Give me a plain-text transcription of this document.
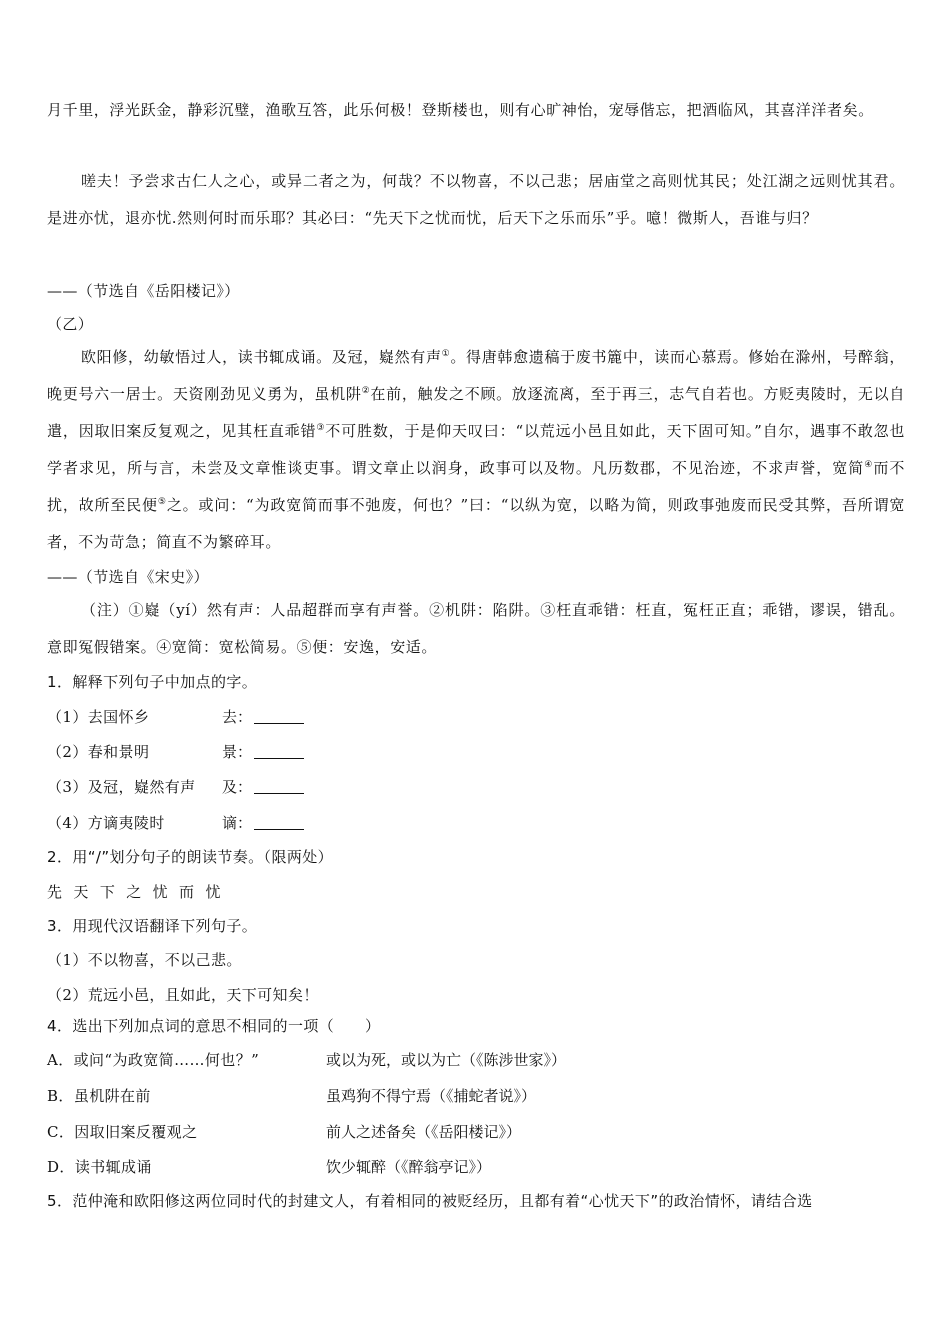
月千里，浮光跃金，静彩沉璧，渔歌互答，此乐何极！登斯楼也，则有心旷神怡，宠辱偕忘，把酒临风，其喜洋洋者矣。

嗟夫！予尝求古仁人之心，或异二者之为，何哉？不以物喜，不以己悲；居庙堂之高则忧其民；处江湖之远则忧其君。是进亦忧，退亦忧.然则何时而乐耶？其必曰：“先天下之忧而忧，后天下之乐而乐”乎。噫！微斯人，吾谁与归？

——（节选自《岳阳楼记》）
（乙）

欧阳修，幼敏悟过人，读书辄成诵。及冠，嶷然有声①。得唐韩愈遗稿于废书簏中，读而心慕焉。修始在滁州，号醉翁，晚更号六一居士。天资刚劲见义勇为，虽机阱②在前，触发之不顾。放逐流离，至于再三，志气自若也。方贬夷陵时，无以自遣，因取旧案反复观之，见其枉直乖错③不可胜数，于是仰天叹曰：“以荒远小邑且如此，天下固可知。”自尔，遇事不敢忽也学者求见，所与言，未尝及文章惟谈吏事。谓文章止以润身，政事可以及物。凡历数郡，不见治迹，不求声誉，宽简④而不扰，故所至民便⑤之。或问：“为政宽简而事不弛废，何也？”曰：“以纵为宽，以略为简，则政事弛废而民受其弊，吾所谓宽者，不为苛急；简直不为繁碎耳。

——（节选自《宋史》）

（注）①嶷（yí）然有声：人品超群而享有声誉。②机阱：陷阱。③枉直乖错：枉直，冤枉正直；乖错，谬误，错乱。意即冤假错案。④宽简：宽松简易。⑤便：安逸，安适。

1．解释下列句子中加点的字。
（1）去国怀乡	去：
（2）春和景明	景：
（3）及冠，嶷然有声 及：
（4）方谪夷陵时	谪：
2．用“/”划分句子的朗读节奏。（限两处）
先 天 下 之 忧 而 忧
3．用现代汉语翻译下列句子。
（1）不以物喜，不以己悲。
（2）荒远小邑，且如此，天下可知矣！
4．选出下列加点词的意思不相同的一项（　　）
A．或问“为政宽简……何也？”	或以为死，或以为亡（《陈涉世家》）
B．虽机阱在前	虽鸡狗不得宁焉（《捕蛇者说》）
C．因取旧案反覆观之	前人之述备矣（《岳阳楼记》）
D．读书辄成诵	饮少辄醉（《醉翁亭记》）
5．范仲淹和欧阳修这两位同时代的封建文人，有着相同的被贬经历，且都有着“心忧天下”的政治情怀，请结合选
